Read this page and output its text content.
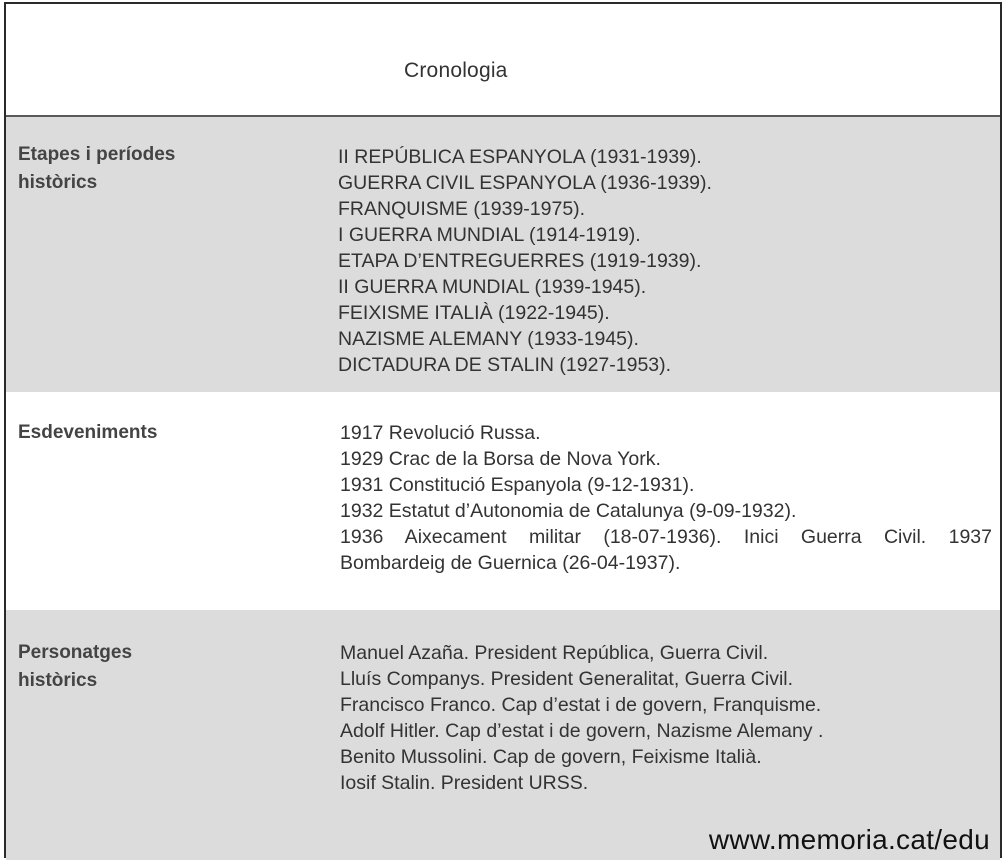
Cronologia
Etapes i períodes
històrics
II REPÚBLICA ESPANYOLA (1931-1939).
GUERRA CIVIL ESPANYOLA (1936-1939).
FRANQUISME (1939-1975).
I GUERRA MUNDIAL (1914-1919).
ETAPA D’ENTREGUERRES (1919-1939).
II GUERRA MUNDIAL (1939-1945).
FEIXISME ITALIÀ (1922-1945).
NAZISME ALEMANY (1933-1945).
DICTADURA DE STALIN (1927-1953).
Esdeveniments	1917 Revolució Russa.
1929 Crac de la Borsa de Nova York.
1931 Constitució Espanyola (9-12-1931).
1932 Estatut d’Autonomia de Catalunya (9-09-1932).
1936 Aixecament militar (18-07-1936). Inici Guerra Civil. 1937
Bombardeig de Guernica (26-04-1937).
Personatges
històrics
Manuel Azaña. President República, Guerra Civil.
Lluís Companys. President Generalitat, Guerra Civil.
Francisco Franco. Cap d’estat i de govern, Franquisme.
Adolf Hitler. Cap d’estat i de govern, Nazisme Alemany .
Benito Mussolini. Cap de govern, Feixisme Italià.
Iosif Stalin. President URSS.
www.memoria.cat/edu
